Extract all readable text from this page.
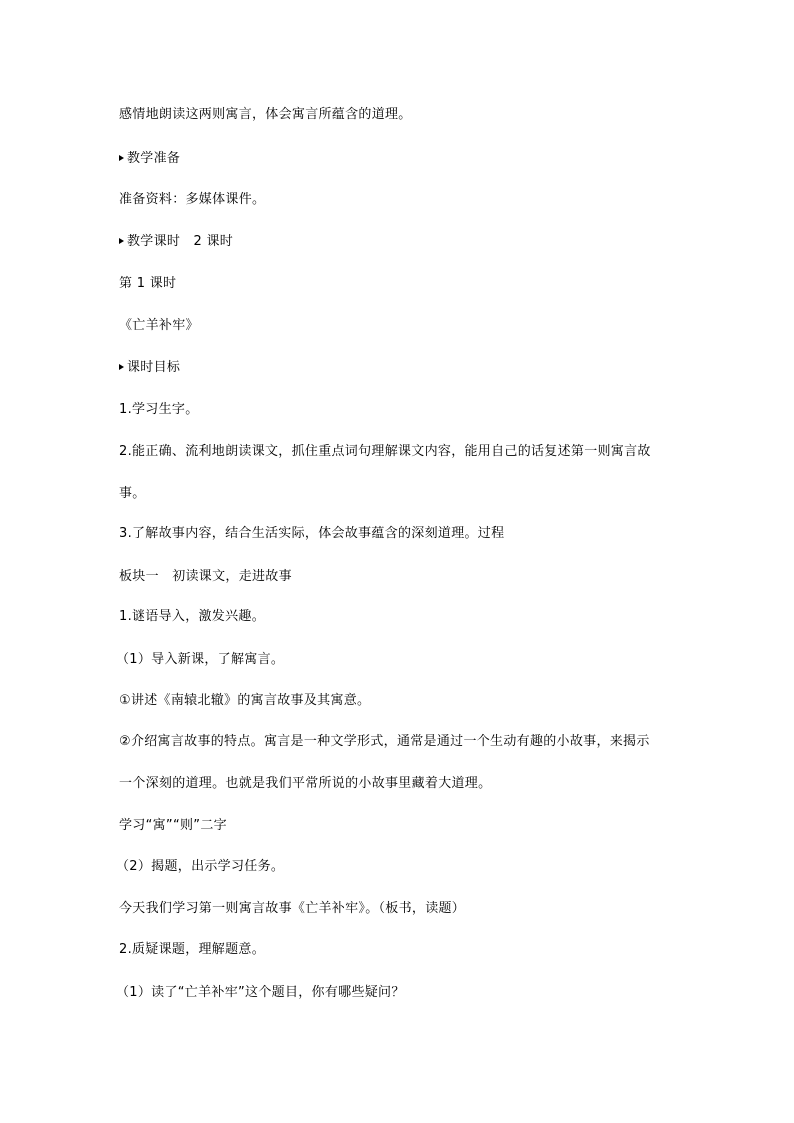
感情地朗读这两则寓言，体会寓言所蕴含的道理。
教学准备
准备资料：多媒体课件。
教学课时　2 课时
第 1 课时
《亡羊补牢》
课时目标
1.学习生字。
2.能正确、流利地朗读课文，抓住重点词句理解课文内容，能用自己的话复述第一则寓言故
事。
3.了解故事内容，结合生活实际，体会故事蕴含的深刻道理。过程
板块一　初读课文，走进故事
1.谜语导入，激发兴趣。
（1）导入新课，了解寓言。
①讲述《南辕北辙》的寓言故事及其寓意。
②介绍寓言故事的特点。寓言是一种文学形式，通常是通过一个生动有趣的小故事，来揭示
一个深刻的道理。也就是我们平常所说的小故事里藏着大道理。
学习“寓”“则”二字
（2）揭题，出示学习任务。
今天我们学习第一则寓言故事《亡羊补牢》。（板书，读题）
2.质疑课题，理解题意。
（1）读了“亡羊补牢”这个题目，你有哪些疑问？
